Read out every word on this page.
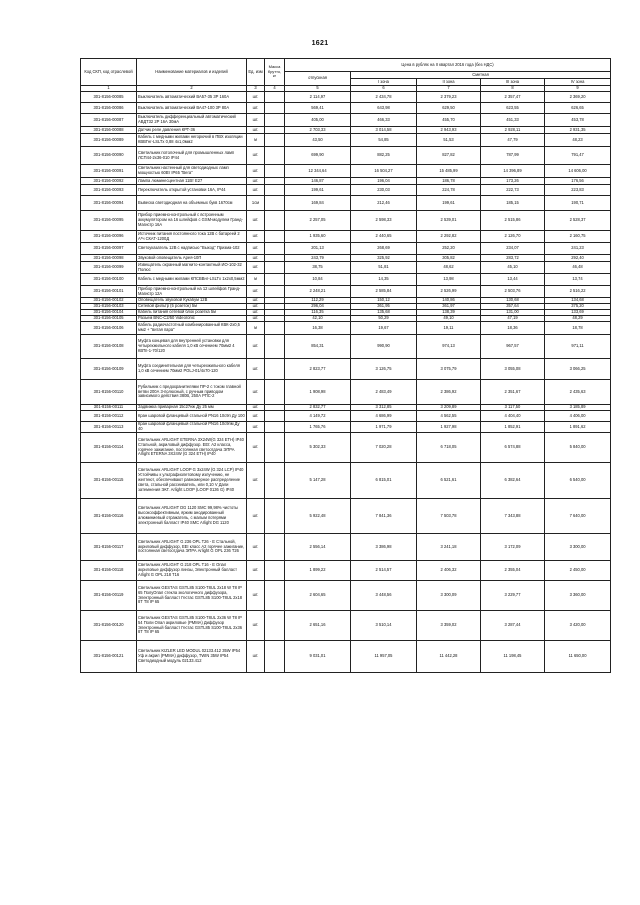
1621
Код СКП, код отраслевой	Наименование материалов и изделий	Ед. изм	Масса брутто, кг	Цена в рублях на II квартал 2016 года (без НДС)				
				отпускная	Сметная			
					I зона	II зона	III зона	IV зона
1	2	3	4	5	6	7	8	9
301-8156-00085	Выключатель автоматический ВА57-35 3Р 160А	шт.		2 114,97	2 434,78	2 379,23	2 357,47	2 369,20
301-8156-00086	Выключатель автоматический ВА47-100 3Р 80А	шт.		569,41	643,98	629,50	623,55	626,65
301-8156-00087	Выключатель дифференциальный автоматический АВДТ32 2Р 16А 30мА	шт.		405,00	466,33	455,70	451,33	453,78
301-8156-00088	Датчик реле давления КРТ-36	шт.		2 703,33	3 014,58	2 943,93	2 928,11	2 931,35
301-8156-00089	Кабель с медными жилами негорючий в ПВХ изоляции КВВГнг-LSLTx 0,88 4х1,0мм2	м		43,50	54,85	51,53	47,79	48,23
301-8156-00090	Светильник потолочный для промышленных ламп ЛСП44-2х36-010 IP44	шт.		699,90	882,25	827,82	787,99	791,47
301-8156-00091	Светильник настенный для светодиодных ламп мощностью 60Вт IP65 "Вега"	шт.		12 344,64	16 504,27	15 485,99	14 396,89	14 606,00
301-8156-00092	Лампа люминесцентная 11Вт Е27	шт.		146,87	196,04	186,78	173,26	176,56
301-8156-00093	Переключатель открытой установки 16А, IP44	шт.		199,61	230,03	224,78	222,73	223,83
301-8156-00094	Вывеска светодиодная на объемных букв 1670см	1см		169,84	212,46	199,61	185,15	190,71
301-8156-00095	Прибор приемно-контрольный с встроенным аккумулятором на 16 шлейфов с GSM-модулем Гранд-Магистр 16А	шт.		2 257,05	2 598,33	2 539,01	2 515,86	2 528,37
301-8156-00096	Источник питания постоянного тока 12В с батареей 2 А*ч СКАТ-1200Д	шт.		1 935,60	2 440,65	2 292,82	2 126,70	2 160,75
301-8156-00097	Светоуказатель 12В с надписью "Выход" Призма-102	шт.		201,13	268,69	252,20	234,07	241,23
301-8156-00098	Звуковой оповещатель Арея-10П	шт.		243,79	325,92	305,82	283,72	292,40
301-8156-00099	Извещатель охранный магнито-контактный ИО-102-32 Полюс	шт.		38,75	51,81	48,62	45,10	46,48
301-8156-00100	Кабель с медными жилами КПСВВнг-LSLTx 1х2х0,5мм2	м		10,84	14,35	13,98	13,44	13,74
301-8156-00101	Прибор приемно-контрольный на 12 шлейфов Гранд-Магистр 12А	шт.		2 248,21	2 585,84	2 526,99	2 503,76	2 516,22
301-8156-00102	Оповещатель звуковой Кукабум 12В	шт.		112,29	150,12	140,86	130,68	134,68
301-8156-00103	Сетевой фильтр (5 розеток) 5м	шт.		296,04	361,95	361,97	357,64	375,20
301-8156-00104	Кабель питания сетевой блок розетка 5м	шт.		116,35	135,68	138,39	131,00	133,69
301-8156-00105	Разъем BNC-C2/50 Videoronic	шт.		42,10	50,29	49,10	47,19	48,29
301-8156-00106	Кабель радиочастотный комбинированный КВК-2х0,5 мм2 + "витая пара"	м		16,38	19,67	19,11	18,36	18,78
301-8156-00108	Муфта концевая для внутренней установки для четырехжильного кабеля 1,0 кВ сечением 70мм2 4 КВТп-1-70/120	шт.		854,31	990,90	974,13	967,57	971,11
301-8156-00109	Муфта соединительная для четырехжильного кабеля 1,0 кВ сечением 70мм2 POLJ-01/4х70-120	шт.		2 823,77	3 126,75	3 075,79	3 055,08	3 066,25
301-8156-00110	Рубильник с предохранителями ПР-2 с током главной ветви 200А 3-полюсный, с ручным приводом зависимого действия 380В, 250А РПС-2	шт.		1 908,98	2 483,49	2 386,92	2 351,67	2 435,63
301-8156-00111	Задвижка приварная 15с27нж Ду 25 мм	шт.		2 832,77	3 312,85	3 209,89	3 117,50	3 185,89
301-8156-00112	Кран шаровой фланцевый стальной PN16 10с9п Ду 100	шт.		4 149,72	4 686,99	4 562,55	4 404,40	4 406,00
301-8156-00113	Кран шаровой фланцевый стальной PN16 10с9пм Ду 40	шт.		1 765,76	1 971,79	1 927,98	1 852,91	1 891,62
301-8156-00114	Светильник ARLIGHT ETERNA 3X24W(G 324 ETH) IP40 Стальной, акриловый диффузор. EEI: A2 класса, горячее зажигание, постоянная светоотдача ЭПРА Arlight ETERNA 3X24W (G 324 ETH) IP40	шт.		5 302,33	7 020,28	6 718,05	6 574,88	5 840,00
301-8156-00115	Светильник ARLIGHT LOOP G 3x24W (G 324 LCP) IP40 Устойчивы к ультрафиолетовому излучению, не желтеют, обеспечивают равномерное распределение света, стальной рассеиватель, или 0,10 V Дали затемнения ЭКГ. Arlight LOOP (LOOP 0136 G) IP40	шт.		5 147,28	6 815,01	6 521,61	6 382,64	6 540,00
301-8156-00116	Светильник ARLIGHT DG 1120 SMC 99,98% чистоты высокоэффективным, ярким анодированный алюминиевый отражатель, с малым потерями электронный балласт IP40 SMC Arlight DG 1120	шт.		5 922,48	7 841,36	7 503,78	7 343,88	7 640,00
301-8156-00117	Светильник ARLIGHT G 236 OPL T26 - E Стальной, акриловый диффузор, EEI класс A2 горячее зажигание, постоянная светоотдача ЭПРА Arlight G OPL 236 T26	шт.		2 556,14	3 386,98	3 241,18	3 172,09	3 300,00
301-8156-00118	Светильник ARLIGHT G 218 OPL T16 - E Опал акриловые диффузор линзы, Электронный балласт Arlight G OPL 218 T16	шт.		1 899,22	2 514,57	2 406,32	2 355,04	2 450,00
301-8156-00119	Светильник GESTAS GSTL85 S100-T8UL 2x18 W T8 IP 65 ПолуОпал стекла экологичного диффузора, Электронный балласт Гестас GSTL85 S100-T8UL 2x18 8Т Т8 IP 65	шт.		2 604,65	3 448,56	3 300,09	3 229,77	3 360,00
301-8156-00120	Светильник GESTAS GSTL85 S100-T8UL 2x36 W T8 IP 54 Поли Опал акриловые (PMMA) Диффузор Электронный балласт Гестас GSTL85 S100-T8UL 2x36 8Т Т8 IP 65	шт.		2 651,16	3 510,14	3 359,02	3 287,44	3 420,00
301-8156-00121	Светильник KIZLER LED MODUL 02133.412 35W IP54 Уф и акрил (PMMA) диффузор, TWIN 35W IP54 Светодиодный модуль 02133.412	шт.		9 031,01	11 957,05	11 442,28	11 198,45	11 650,00
